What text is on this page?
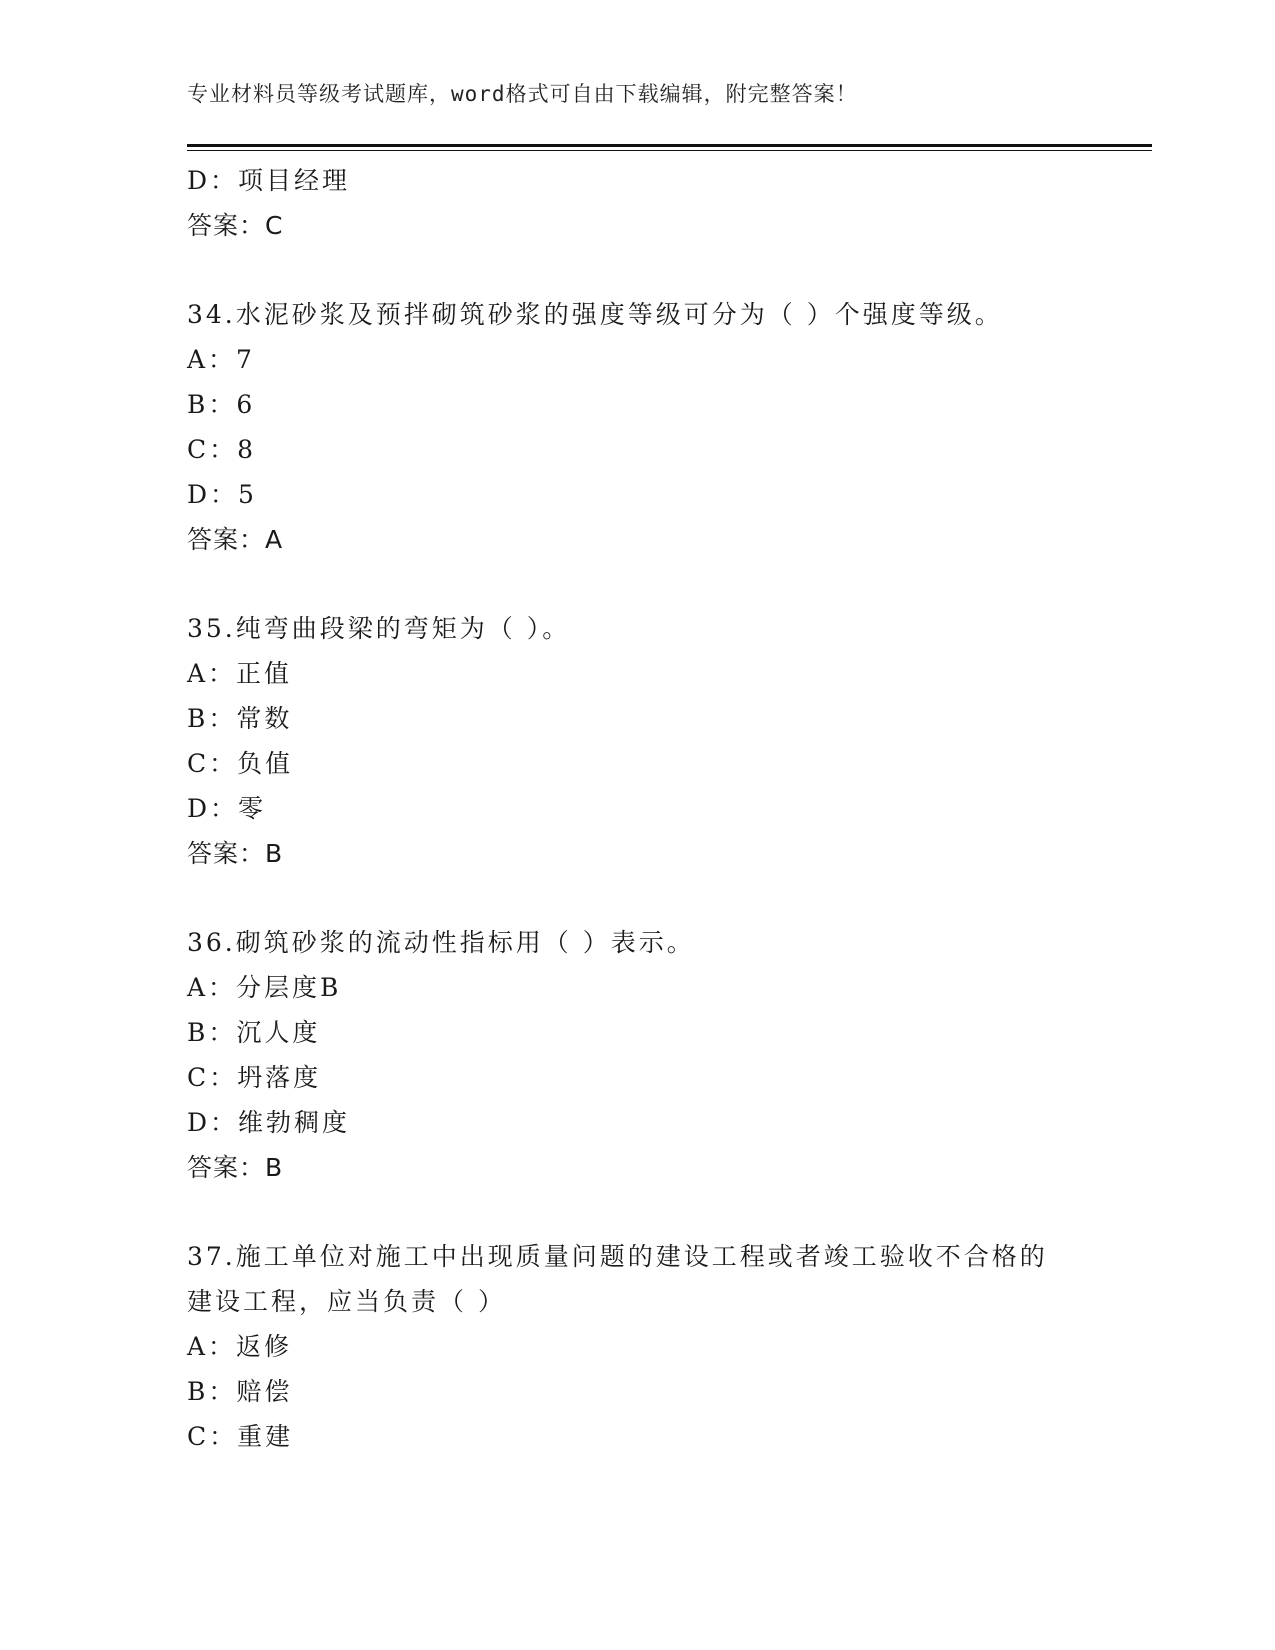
专业材料员等级考试题库，word格式可自由下载编辑，附完整答案！
D：项目经理
答案：C
34.水泥砂浆及预拌砌筑砂浆的强度等级可分为（ ）个强度等级。
A：7
B：6
C：8
D：5
答案：A
35.纯弯曲段梁的弯矩为（ ）。
A：正值
B：常数
C：负值
D：零
答案：B
36.砌筑砂浆的流动性指标用（ ）表示。
A：分层度B
B：沉人度
C：坍落度
D：维勃稠度
答案：B
37.施工单位对施工中出现质量问题的建设工程或者竣工验收不合格的
建设工程，应当负责（ ）
A：返修
B：赔偿
C：重建
